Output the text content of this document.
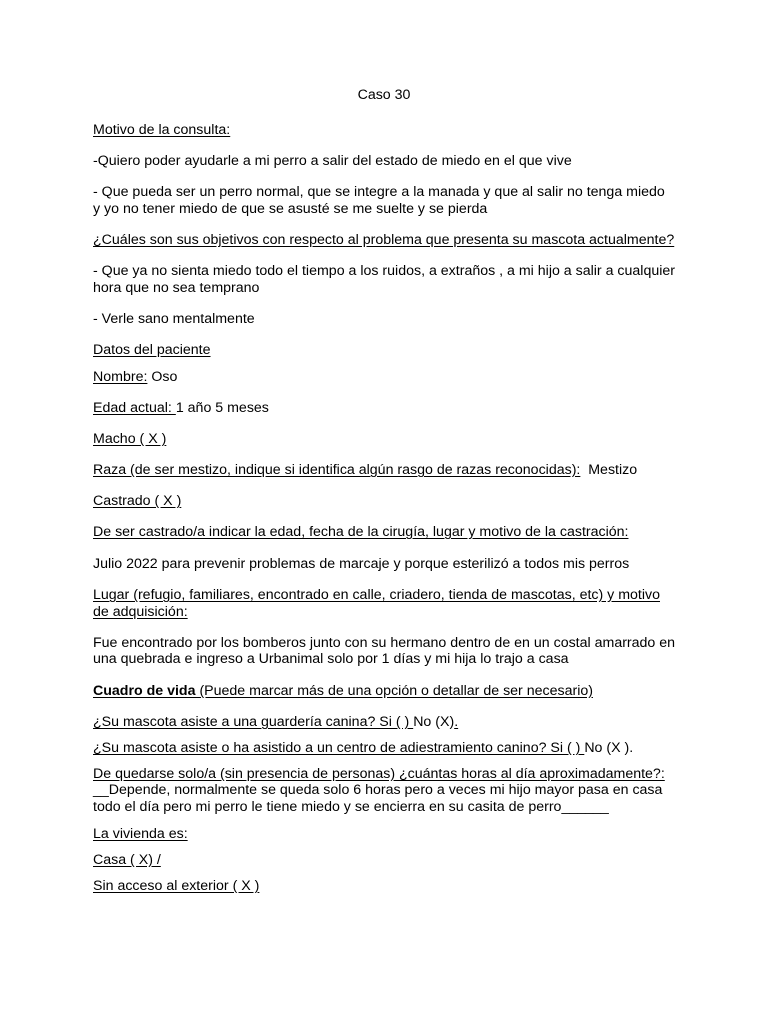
Caso 30

Motivo de la consulta:

-Quiero poder ayudarle a mi perro a salir del estado de miedo en el que vive

- Que pueda ser un perro normal, que se integre a la manada y que al salir no tenga miedo

y yo no tener miedo de que se asusté se me suelte y se pierda

¿Cuáles son sus objetivos con respecto al problema que presenta su mascota actualmente?

- Que ya no sienta miedo todo el tiempo a los ruidos, a extraños , a mi hijo a salir a cualquier

hora que no sea temprano

- Verle sano mentalmente

Datos del paciente

Nombre: Oso

Edad actual: 1 año 5 meses

Macho ( X )

Raza (de ser mestizo, indique si identifica algún rasgo de razas reconocidas):  Mestizo

Castrado ( X )

De ser castrado/a indicar la edad, fecha de la cirugía, lugar y motivo de la castración:

Julio 2022 para prevenir problemas de marcaje y porque esterilizó a todos mis perros

Lugar (refugio, familiares, encontrado en calle, criadero, tienda de mascotas, etc) y motivo

de adquisición:

Fue encontrado por los bomberos junto con su hermano dentro de en un costal amarrado en

una quebrada e ingreso a Urbanimal solo por 1 días y mi hija lo trajo a casa

Cuadro de vida (Puede marcar más de una opción o detallar de ser necesario)

¿Su mascota asiste a una guardería canina? Si ( ) No (X).

¿Su mascota asiste o ha asistido a un centro de adiestramiento canino? Si ( ) No (X ).

De quedarse solo/a (sin presencia de personas) ¿cuántas horas al día aproximadamente?:

__Depende, normalmente se queda solo 6 horas pero a veces mi hijo mayor pasa en casa

todo el día pero mi perro le tiene miedo y se encierra en su casita de perro______

La vivienda es:

Casa ( X) /

Sin acceso al exterior ( X )
